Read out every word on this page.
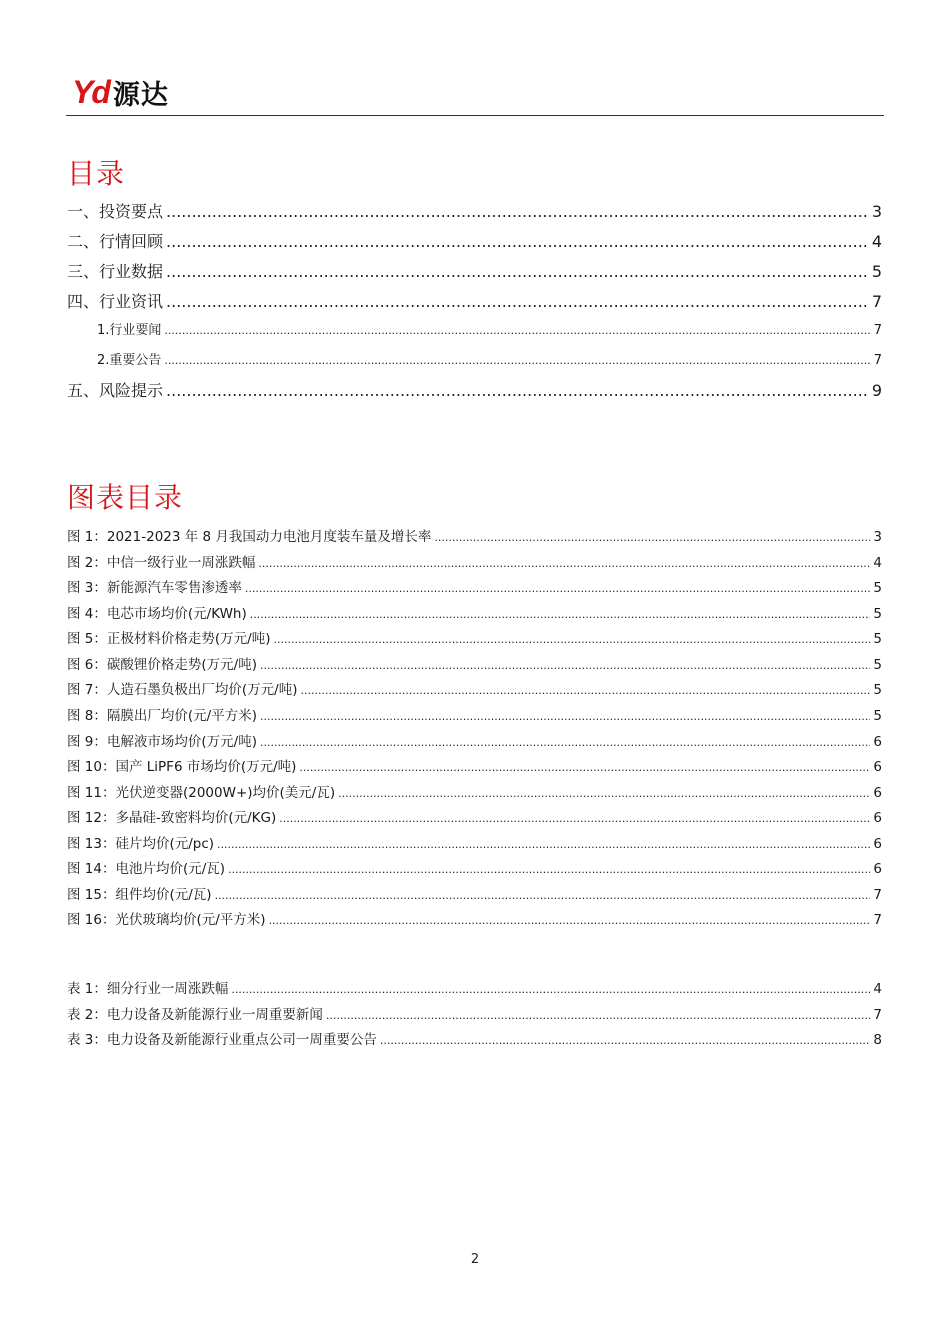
Yd 源达
目录
一、投资要点 .....	3
二、行情回顾 .....	4
三、行业数据 .....	5
四、行业资讯 .....	7
1.行业要闻 .....	7
2.重要公告 .....	7
五、风险提示 .....	9
图表目录
图 1：2021-2023 年 8 月我国动力电池月度装车量及增长率 .....	3
图 2：中信一级行业一周涨跌幅 .....	4
图 3：新能源汽车零售渗透率 .....	5
图 4：电芯市场均价(元/KWh) .....	5
图 5：正极材料价格走势(万元/吨) .....	5
图 6：碳酸锂价格走势(万元/吨) .....	5
图 7：人造石墨负极出厂均价(万元/吨) .....	5
图 8：隔膜出厂均价(元/平方米) .....	5
图 9：电解液市场均价(万元/吨) .....	6
图 10：国产 LiPF6 市场均价(万元/吨) .....	6
图 11：光伏逆变器(2000W+)均价(美元/瓦) .....	6
图 12：多晶硅-致密料均价(元/KG) .....	6
图 13：硅片均价(元/pc) .....	6
图 14：电池片均价(元/瓦) .....	6
图 15：组件均价(元/瓦) .....	7
图 16：光伏玻璃均价(元/平方米) .....	7
表 1：细分行业一周涨跌幅 .....	4
表 2：电力设备及新能源行业一周重要新闻 .....	7
表 3：电力设备及新能源行业重点公司一周重要公告 .....	8
2
